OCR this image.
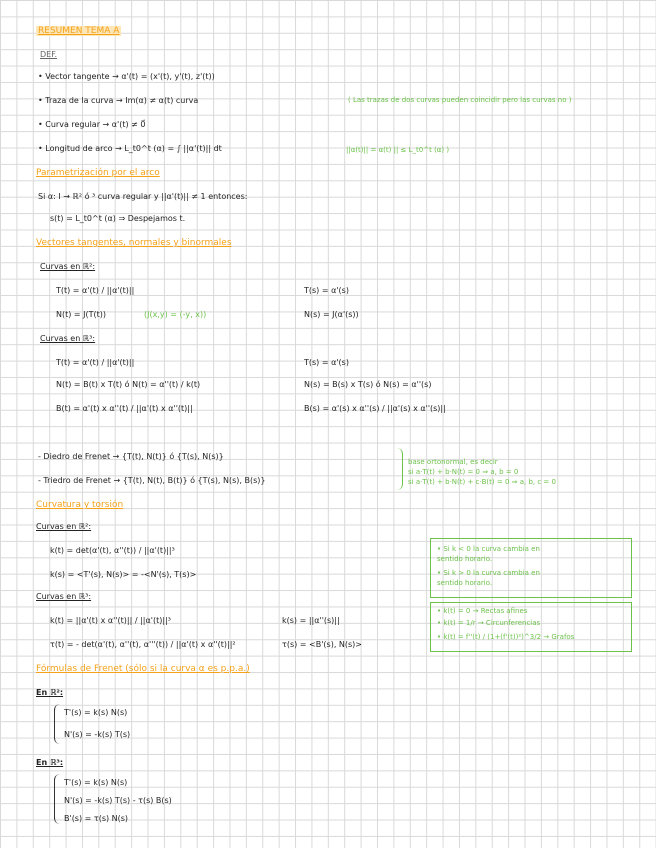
RESUMEN TEMA A
DEF.
• Vector tangente → α'(t) = (x'(t), y'(t), z'(t))
• Traza de la curva → Im(α) ≠ α(t) curva	( Las trazas de dos curvas pueden coincidir pero las curvas no )
• Curva regular → α'(t) ≠ 0⃗
• Longitud de arco → L_t0^t (α) = ∫ ||α'(t)|| dt	||α(t)|| = α(t) || ≤ L_t0^t (α) )
Parametrización por el arco
Si α: I → ℝ² ó ³ curva regular y ||α'(t)|| ≠ 1 entonces:
s(t) = L_t0^t (α) ⇒ Despejamos t.
Vectores tangentes, normales y binormales
Curvas en ℝ²:
T(t) = α'(t) / ||α'(t)||	T(s) = α'(s)
N(t) = J(T(t))	(J(x,y) = (-y, x))	N(s) = J(α'(s))
Curvas en ℝ³:
T(t) = α'(t) / ||α'(t)||	T(s) = α'(s)
N(t) = B(t) x T(t) ó N(t) = α''(t) / k(t)	N(s) = B(s) x T(s) ó N(s) = α''(s)
B(t) = α'(t) x α''(t) / ||α'(t) x α''(t)||	B(s) = α'(s) x α''(s) / ||α'(s) x α''(s)||
- Diedro de Frenet → {T(t), N(t)} ó {T(s), N(s)}
- Triedro de Frenet → {T(t), N(t), B(t)} ó {T(s), N(s), B(s)}
base ortonormal, es decir
si a·T(t) + b·N(t) = 0 ⇒ a, b = 0
si a·T(t) + b·N(t) + c·B(t) = 0 ⇒ a, b, c = 0
Curvatura y torsión
Curvas en ℝ²:
k(t) = det(α'(t), α''(t)) / ||α'(t)||³
k(s) = <T'(s), N(s)> = -<N'(s), T(s)>
• Si k < 0 la curva cambia en
sentido horario.
• Si k > 0 la curva cambia en
sentido horario.
Curvas en ℝ³:
k(t) = ||α'(t) x α''(t)|| / ||α'(t)||³	k(s) = ||α''(s)||
τ(t) = - det(α'(t), α''(t), α'''(t)) / ||α'(t) x α''(t)||²	τ(s) = <B'(s), N(s)>
• k(t) = 0 → Rectas afines
• k(t) = 1/r → Circunferencias
• k(t) = f''(t) / (1+(f'(t))²)^3/2 → Grafos
Fórmulas de Frenet (sólo si la curva α es p.p.a.)
En ℝ²:
T'(s) = k(s) N(s)
N'(s) = -k(s) T(s)
En ℝ³:
T'(s) = k(s) N(s)
N'(s) = -k(s) T(s) - τ(s) B(s)
B'(s) = τ(s) N(s)
